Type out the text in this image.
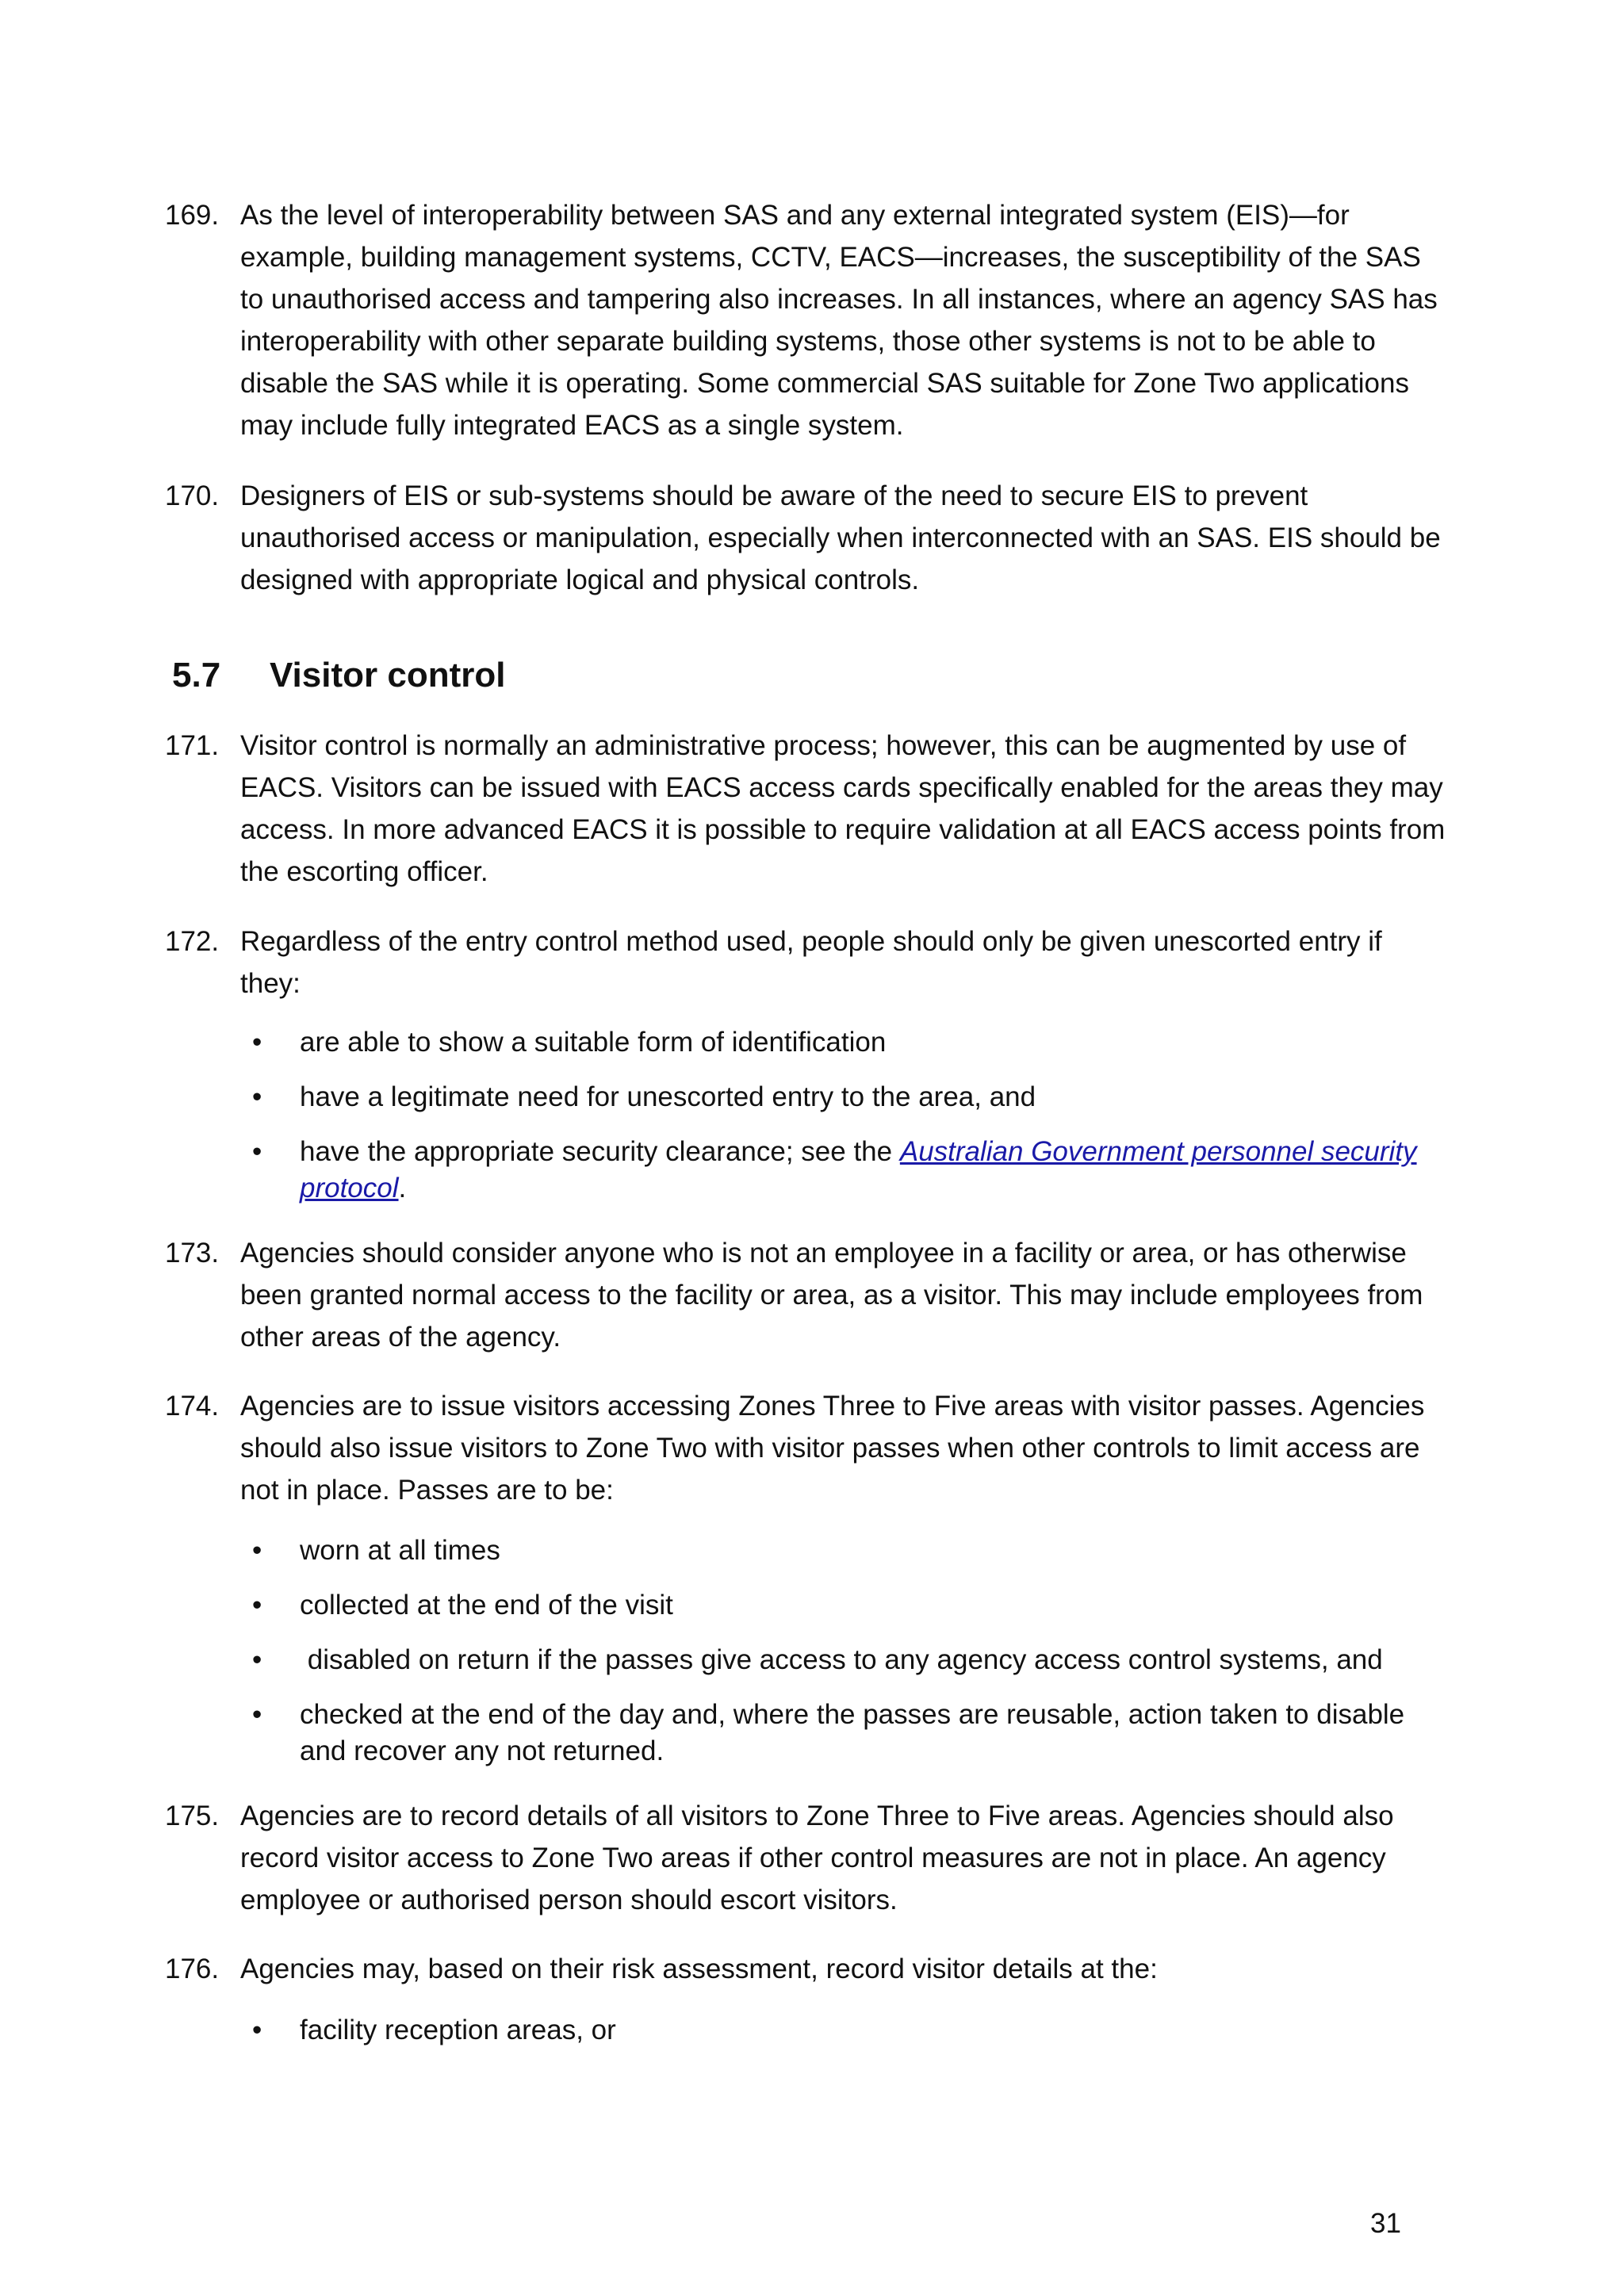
169. As the level of interoperability between SAS and any external integrated system (EIS)—for example, building management systems, CCTV, EACS—increases, the susceptibility of the SAS to unauthorised access and tampering also increases. In all instances, where an agency SAS has interoperability with other separate building systems, those other systems is not to be able to disable the SAS while it is operating. Some commercial SAS suitable for Zone Two applications may include fully integrated EACS as a single system.
170. Designers of EIS or sub-systems should be aware of the need to secure EIS to prevent unauthorised access or manipulation, especially when interconnected with an SAS. EIS should be designed with appropriate logical and physical controls.
5.7 Visitor control
171. Visitor control is normally an administrative process; however, this can be augmented by use of EACS. Visitors can be issued with EACS access cards specifically enabled for the areas they may access. In more advanced EACS it is possible to require validation at all EACS access points from the escorting officer.
172. Regardless of the entry control method used, people should only be given unescorted entry if they:
• are able to show a suitable form of identification
• have a legitimate need for unescorted entry to the area, and
• have the appropriate security clearance; see the Australian Government personnel security protocol.
173. Agencies should consider anyone who is not an employee in a facility or area, or has otherwise been granted normal access to the facility or area, as a visitor. This may include employees from other areas of the agency.
174. Agencies are to issue visitors accessing Zones Three to Five areas with visitor passes. Agencies should also issue visitors to Zone Two with visitor passes when other controls to limit access are not in place. Passes are to be:
• worn at all times
• collected at the end of the visit
• disabled on return if the passes give access to any agency access control systems, and
• checked at the end of the day and, where the passes are reusable, action taken to disable and recover any not returned.
175. Agencies are to record details of all visitors to Zone Three to Five areas. Agencies should also record visitor access to Zone Two areas if other control measures are not in place. An agency employee or authorised person should escort visitors.
176. Agencies may, based on their risk assessment, record visitor details at the:
• facility reception areas, or
31
